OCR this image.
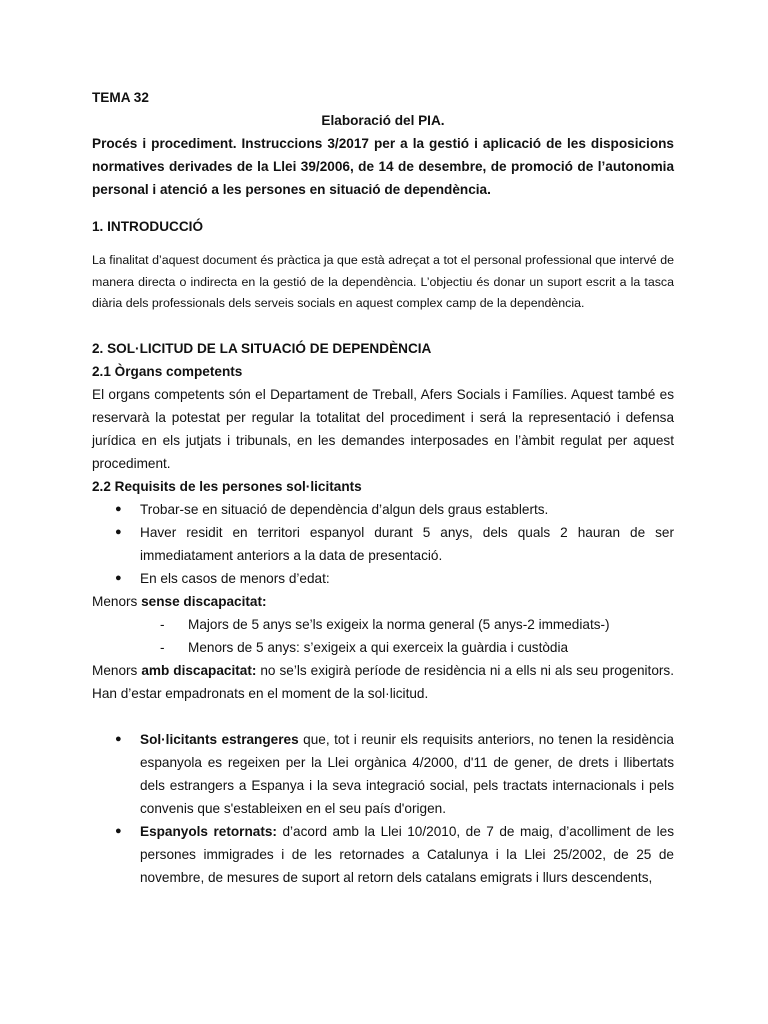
TEMA 32

Elaboració del PIA.

Procés i procediment. Instruccions 3/2017 per a la gestió i aplicació de les disposicions normatives derivades de la Llei 39/2006, de 14 de desembre, de promoció de l’autonomia personal i atenció a les persones en situació de dependència.

1. INTRODUCCIÓ

La finalitat d’aquest document és pràctica ja que està adreçat a tot el personal professional que intervé de manera directa o indirecta en la gestió de la dependència. L’objectiu és donar un suport escrit a la tasca diària dels professionals dels serveis socials en aquest complex camp de la dependència.

2. SOL·LICITUD DE LA SITUACIÓ DE DEPENDÈNCIA

2.1 Òrgans competents

El organs competents són el Departament de Treball, Afers Socials i Famílies. Aquest també es reservarà la potestat per regular la totalitat del procediment i será la representació i defensa jurídica en els jutjats i tribunals, en les demandes interposades en l’àmbit regulat per aquest procediment.

2.2 Requisits de les persones sol·licitants

● Trobar-se en situació de dependència d’algun dels graus establerts.
● Haver residit en territori espanyol durant 5 anys, dels quals 2 hauran de ser immediatament anteriors a la data de presentació.
● En els casos de menors d’edat:

Menors sense discapacitat:

- Majors de 5 anys se’ls exigeix la norma general (5 anys-2 immediats-)
- Menors de 5 anys: s’exigeix a qui exerceix la guàrdia i custòdia

Menors amb discapacitat: no se’ls exigirà període de residència ni a ells ni als seu progenitors. Han d’estar empadronats en el moment de la sol·licitud.

● Sol·licitants estrangeres que, tot i reunir els requisits anteriors, no tenen la residència espanyola es regeixen per la Llei orgànica 4/2000, d'11 de gener, de drets i llibertats dels estrangers a Espanya i la seva integració social, pels tractats internacionals i pels convenis que s'estableixen en el seu país d'origen.
● Espanyols retornats: d’acord amb la Llei 10/2010, de 7 de maig, d’acolliment de les persones immigrades i de les retornades a Catalunya i la Llei 25/2002, de 25 de novembre, de mesures de suport al retorn dels catalans emigrats i llurs descendents,
